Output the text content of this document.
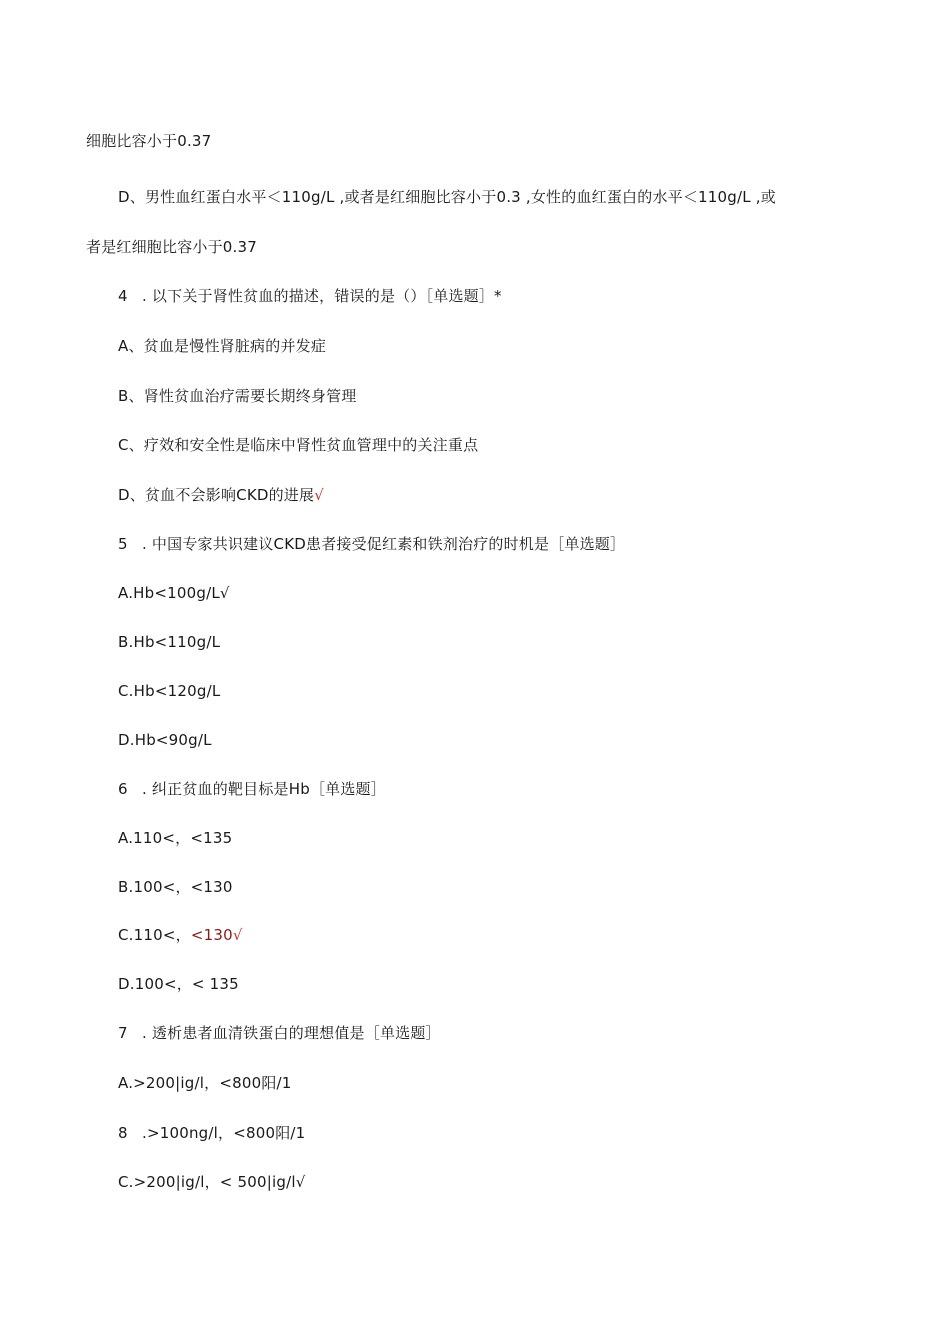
细胞比容小于0.37
D、男性血红蛋白水平＜110g/L ,或者是红细胞比容小于0.3 ,女性的血红蛋白的水平＜110g/L ,或
者是红细胞比容小于0.37
4 . 以下关于肾性贫血的描述，错误的是（）［单选题］*
A、贫血是慢性肾脏病的并发症
B、肾性贫血治疗需要长期终身管理
C、疗效和安全性是临床中肾性贫血管理中的关注重点
D、贫血不会影响CKD的进展√
5 . 中国专家共识建议CKD患者接受促红素和铁剂治疗的时机是［单选题］
A.Hb<100g/L√
B.Hb<110g/L
C.Hb<120g/L
D.Hb<90g/L
6 . 纠正贫血的靶目标是Hb［单选题］
A.110<，<135
B.100<，<130
C.110<，<130√
D.100<，< 135
7 . 透析患者血清铁蛋白的理想值是［单选题］
A.>200|ig/l，<800阳/1
8 .>100ng/l，<800阳/1
C.>200|ig/l，< 500|ig/l√
